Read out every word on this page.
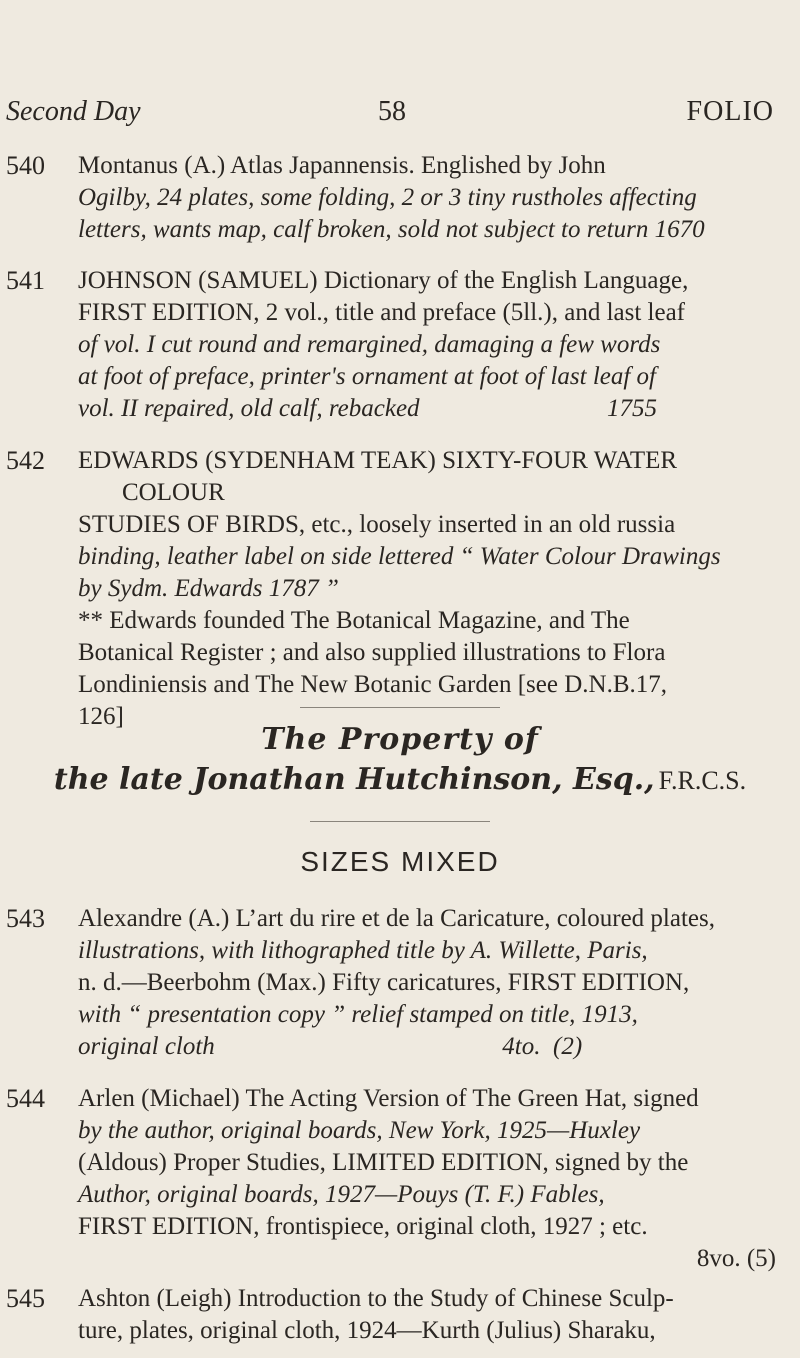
Second Day	58	FOLIO
540 Montanus (A.) Atlas Japannensis. Englished by John
Ogilby, 24 plates, some folding, 2 or 3 tiny rustholes affecting
letters, wants map, calf broken, sold not subject to return 1670
541 JOHNSON (SAMUEL) Dictionary of the English Language,
FIRST EDITION, 2 vol., title and preface (5ll.), and last leaf
of vol. I cut round and remargined, damaging a few words
at foot of preface, printer's ornament at foot of last leaf of
vol. II repaired, old calf, rebacked                              1755
542 EDWARDS (SYDENHAM TEAK) SIXTY-FOUR WATER COLOUR
STUDIES OF BIRDS, etc., loosely inserted in an old russia
binding, leather label on side lettered “ Water Colour Drawings
by Sydm. Edwards 1787 ”
** Edwards founded The Botanical Magazine, and The
Botanical Register ; and also supplied illustrations to Flora
Londiniensis and The New Botanic Garden [see D.N.B.17,
126]
The Property of
the late Jonathan Hutchinson, Esq., F.R.C.S.
SIZES MIXED
543 Alexandre (A.) L’art du rire et de la Caricature, coloured plates,
illustrations, with lithographed title by A. Willette, Paris,
n. d.—Beerbohm (Max.) Fifty caricatures, FIRST EDITION,
with “ presentation copy ” relief stamped on title, 1913,
original cloth                                              4to.  (2)
544 Arlen (Michael) The Acting Version of The Green Hat, signed
by the author, original boards, New York, 1925—Huxley
(Aldous) Proper Studies, LIMITED EDITION, signed by the
Author, original boards, 1927—Pouys (T. F.) Fables,
FIRST EDITION, frontispiece, original cloth, 1927 ; etc.
8vo. (5)
545 Ashton (Leigh) Introduction to the Study of Chinese Sculp-
ture, plates, original cloth, 1924—Kurth (Julius) Sharaku,
